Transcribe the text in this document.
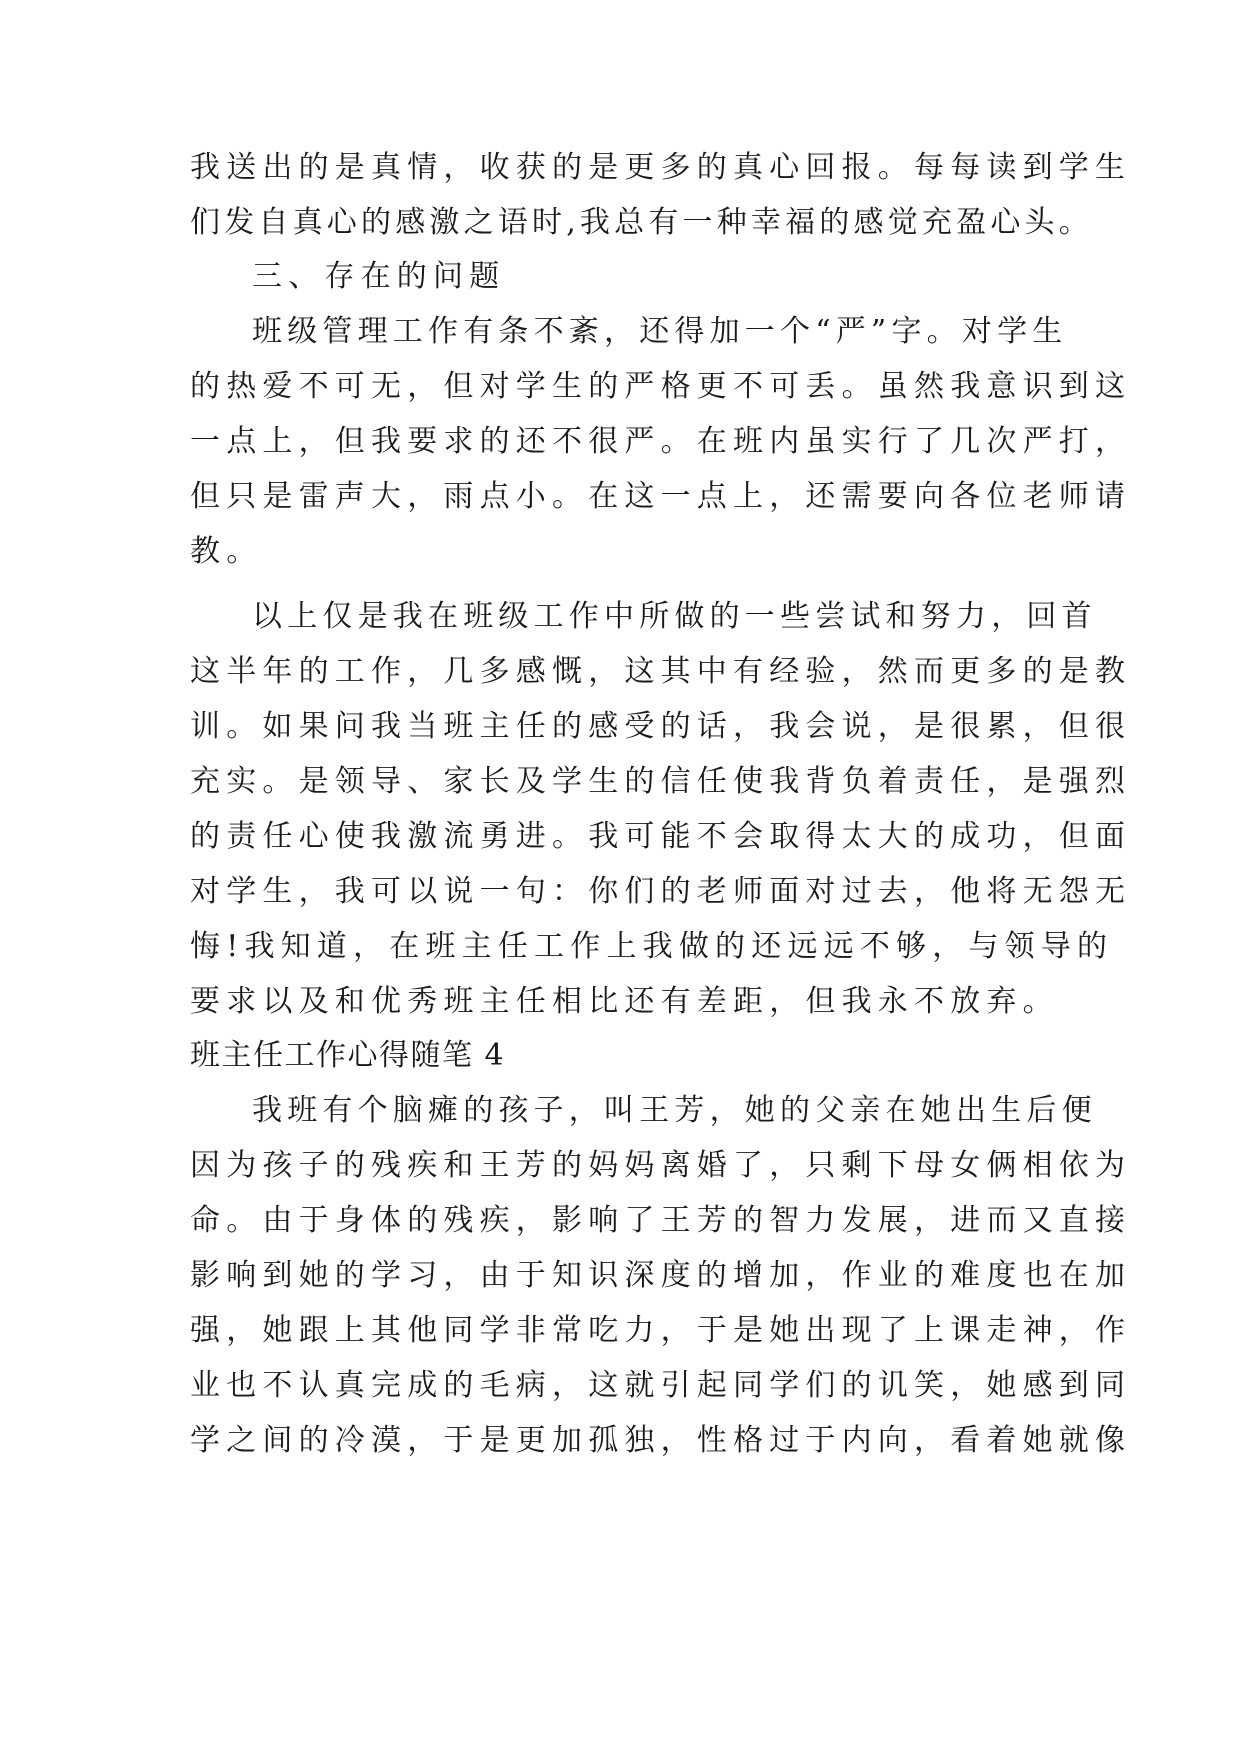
我送出的是真情，收获的是更多的真心回报。每每读到学生
们发自真心的感激之语时,我总有一种幸福的感觉充盈心头。
三、存在的问题
班级管理工作有条不紊，还得加一个“严”字。对学生
的热爱不可无，但对学生的严格更不可丢。虽然我意识到这
一点上，但我要求的还不很严。在班内虽实行了几次严打，
但只是雷声大，雨点小。在这一点上，还需要向各位老师请
教。
以上仅是我在班级工作中所做的一些尝试和努力，回首
这半年的工作，几多感慨，这其中有经验，然而更多的是教
训。如果问我当班主任的感受的话，我会说，是很累，但很
充实。是领导、家长及学生的信任使我背负着责任，是强烈
的责任心使我激流勇进。我可能不会取得太大的成功，但面
对学生，我可以说一句：你们的老师面对过去，他将无怨无
悔!我知道，在班主任工作上我做的还远远不够，与领导的
要求以及和优秀班主任相比还有差距，但我永不放弃。
班主任工作心得随笔 4
我班有个脑瘫的孩子，叫王芳，她的父亲在她出生后便
因为孩子的残疾和王芳的妈妈离婚了，只剩下母女俩相依为
命。由于身体的残疾，影响了王芳的智力发展，进而又直接
影响到她的学习，由于知识深度的增加，作业的难度也在加
强，她跟上其他同学非常吃力，于是她出现了上课走神，作
业也不认真完成的毛病，这就引起同学们的讥笑，她感到同
学之间的冷漠，于是更加孤独，性格过于内向，看着她就像
